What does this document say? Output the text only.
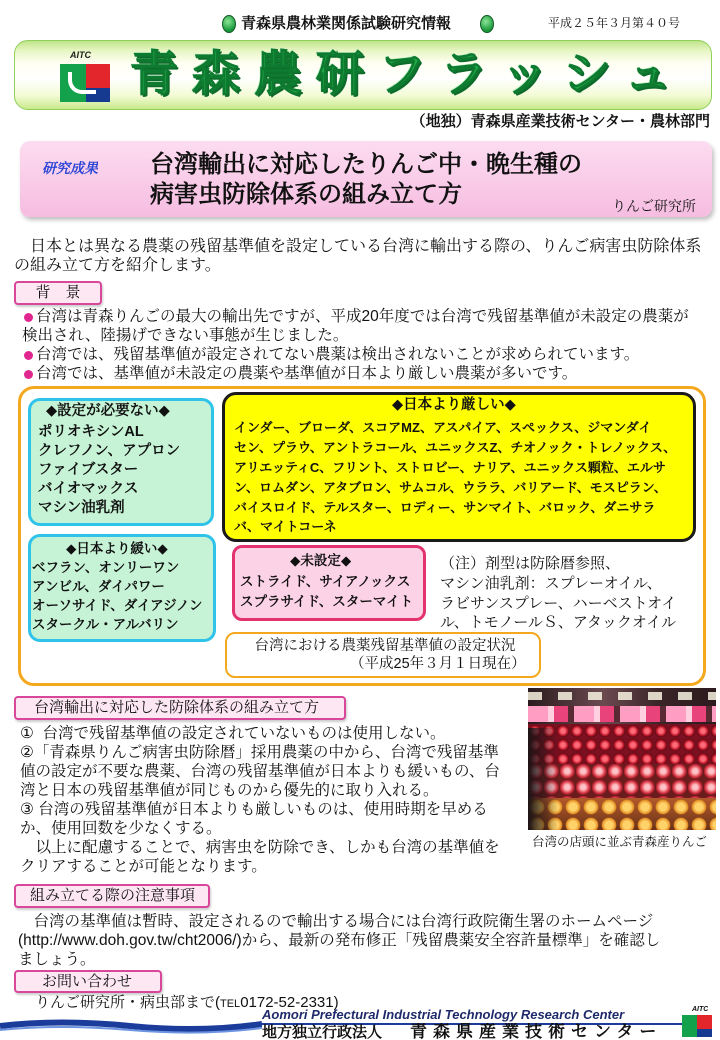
青森県農林業関係試験研究情報	平成２５年３月第４０号
AITC 青森農研フラッシュ
（地独）青森県産業技術センター・農林部門
研究成果 台湾輸出に対応したりんご中・晩生種の
病害虫防除体系の組み立て方	りんご研究所
　日本とは異なる農薬の残留基準値を設定している台湾に輸出する際の、りんご病害虫防除体系
の組み立て方を紹介します。
背　景
台湾は青森りんごの最大の輸出先ですが、平成20年度では台湾で残留基準値が未設定の農薬が
検出され、陸揚げできない事態が生じました。
台湾では、残留基準値が設定されてない農薬は検出されないことが求められています。
台湾では、基準値が未設定の農薬や基準値が日本より厳しい農薬が多いです。
◆設定が必要ない◆
ポリオキシンAL
クレフノン、アプロン
ファイブスター
バイオマックス
マシン油乳剤
◆日本より厳しい◆
インダー、ブローダ、スコアMZ、アスパイア、スペックス、ジマンダイ
セン、プラウ、アントラコール、ユニックスZ、チオノック・トレノックス、
アリエッティC、フリント、ストロビー、ナリア、ユニックス顆粒、エルサ
ン、ロムダン、アタブロン、サムコル、ウララ、バリアード、モスピラン、
バイスロイド、テルスター、ロディー、サンマイト、バロック、ダニサラ
バ、マイトコーネ
◆日本より緩い◆
ベフラン、オンリーワン
アンビル、ダイパワー
オーソサイド、ダイアジノン
スタークル・アルバリン
◆未設定◆
ストライド、サイアノックス
スプラサイド、スターマイト
（注）剤型は防除暦参照、
マシン油乳剤：スプレーオイル、
ラビサンスプレー、ハーベストオイ
ル、トモノールＳ、アタックオイル
台湾における農薬残留基準値の設定状況
（平成25年３月１日現在）
台湾輸出に対応した防除体系の組み立て方
①  台湾で残留基準値の設定されていないものは使用しない。
②「青森県りんご病害虫防除暦」採用農薬の中から、台湾で残留基準
値の設定が不要な農薬、台湾の残留基準値が日本よりも緩いもの、台
湾と日本の残留基準値が同じものから優先的に取り入れる。
③ 台湾の残留基準値が日本よりも厳しいものは、使用時期を早める
か、使用回数を少なくする。
　以上に配慮することで、病害虫を防除でき、しかも台湾の基準値を
クリアすることが可能となります。
台湾の店頭に並ぶ青森産りんご
組み立てる際の注意事項
　台湾の基準値は暫時、設定されるので輸出する場合には台湾行政院衛生署のホームページ
(http://www.doh.gov.tw/cht2006/)から、最新の発布修正「残留農薬安全容許量標準」を確認し
ましょう。
お問い合わせ
　りんご研究所・病虫部まで(TEL0172-52-2331)
Aomori Prefectural Industrial Technology Research Center
地方独立行政法人 青森県産業技術センター
AITC
